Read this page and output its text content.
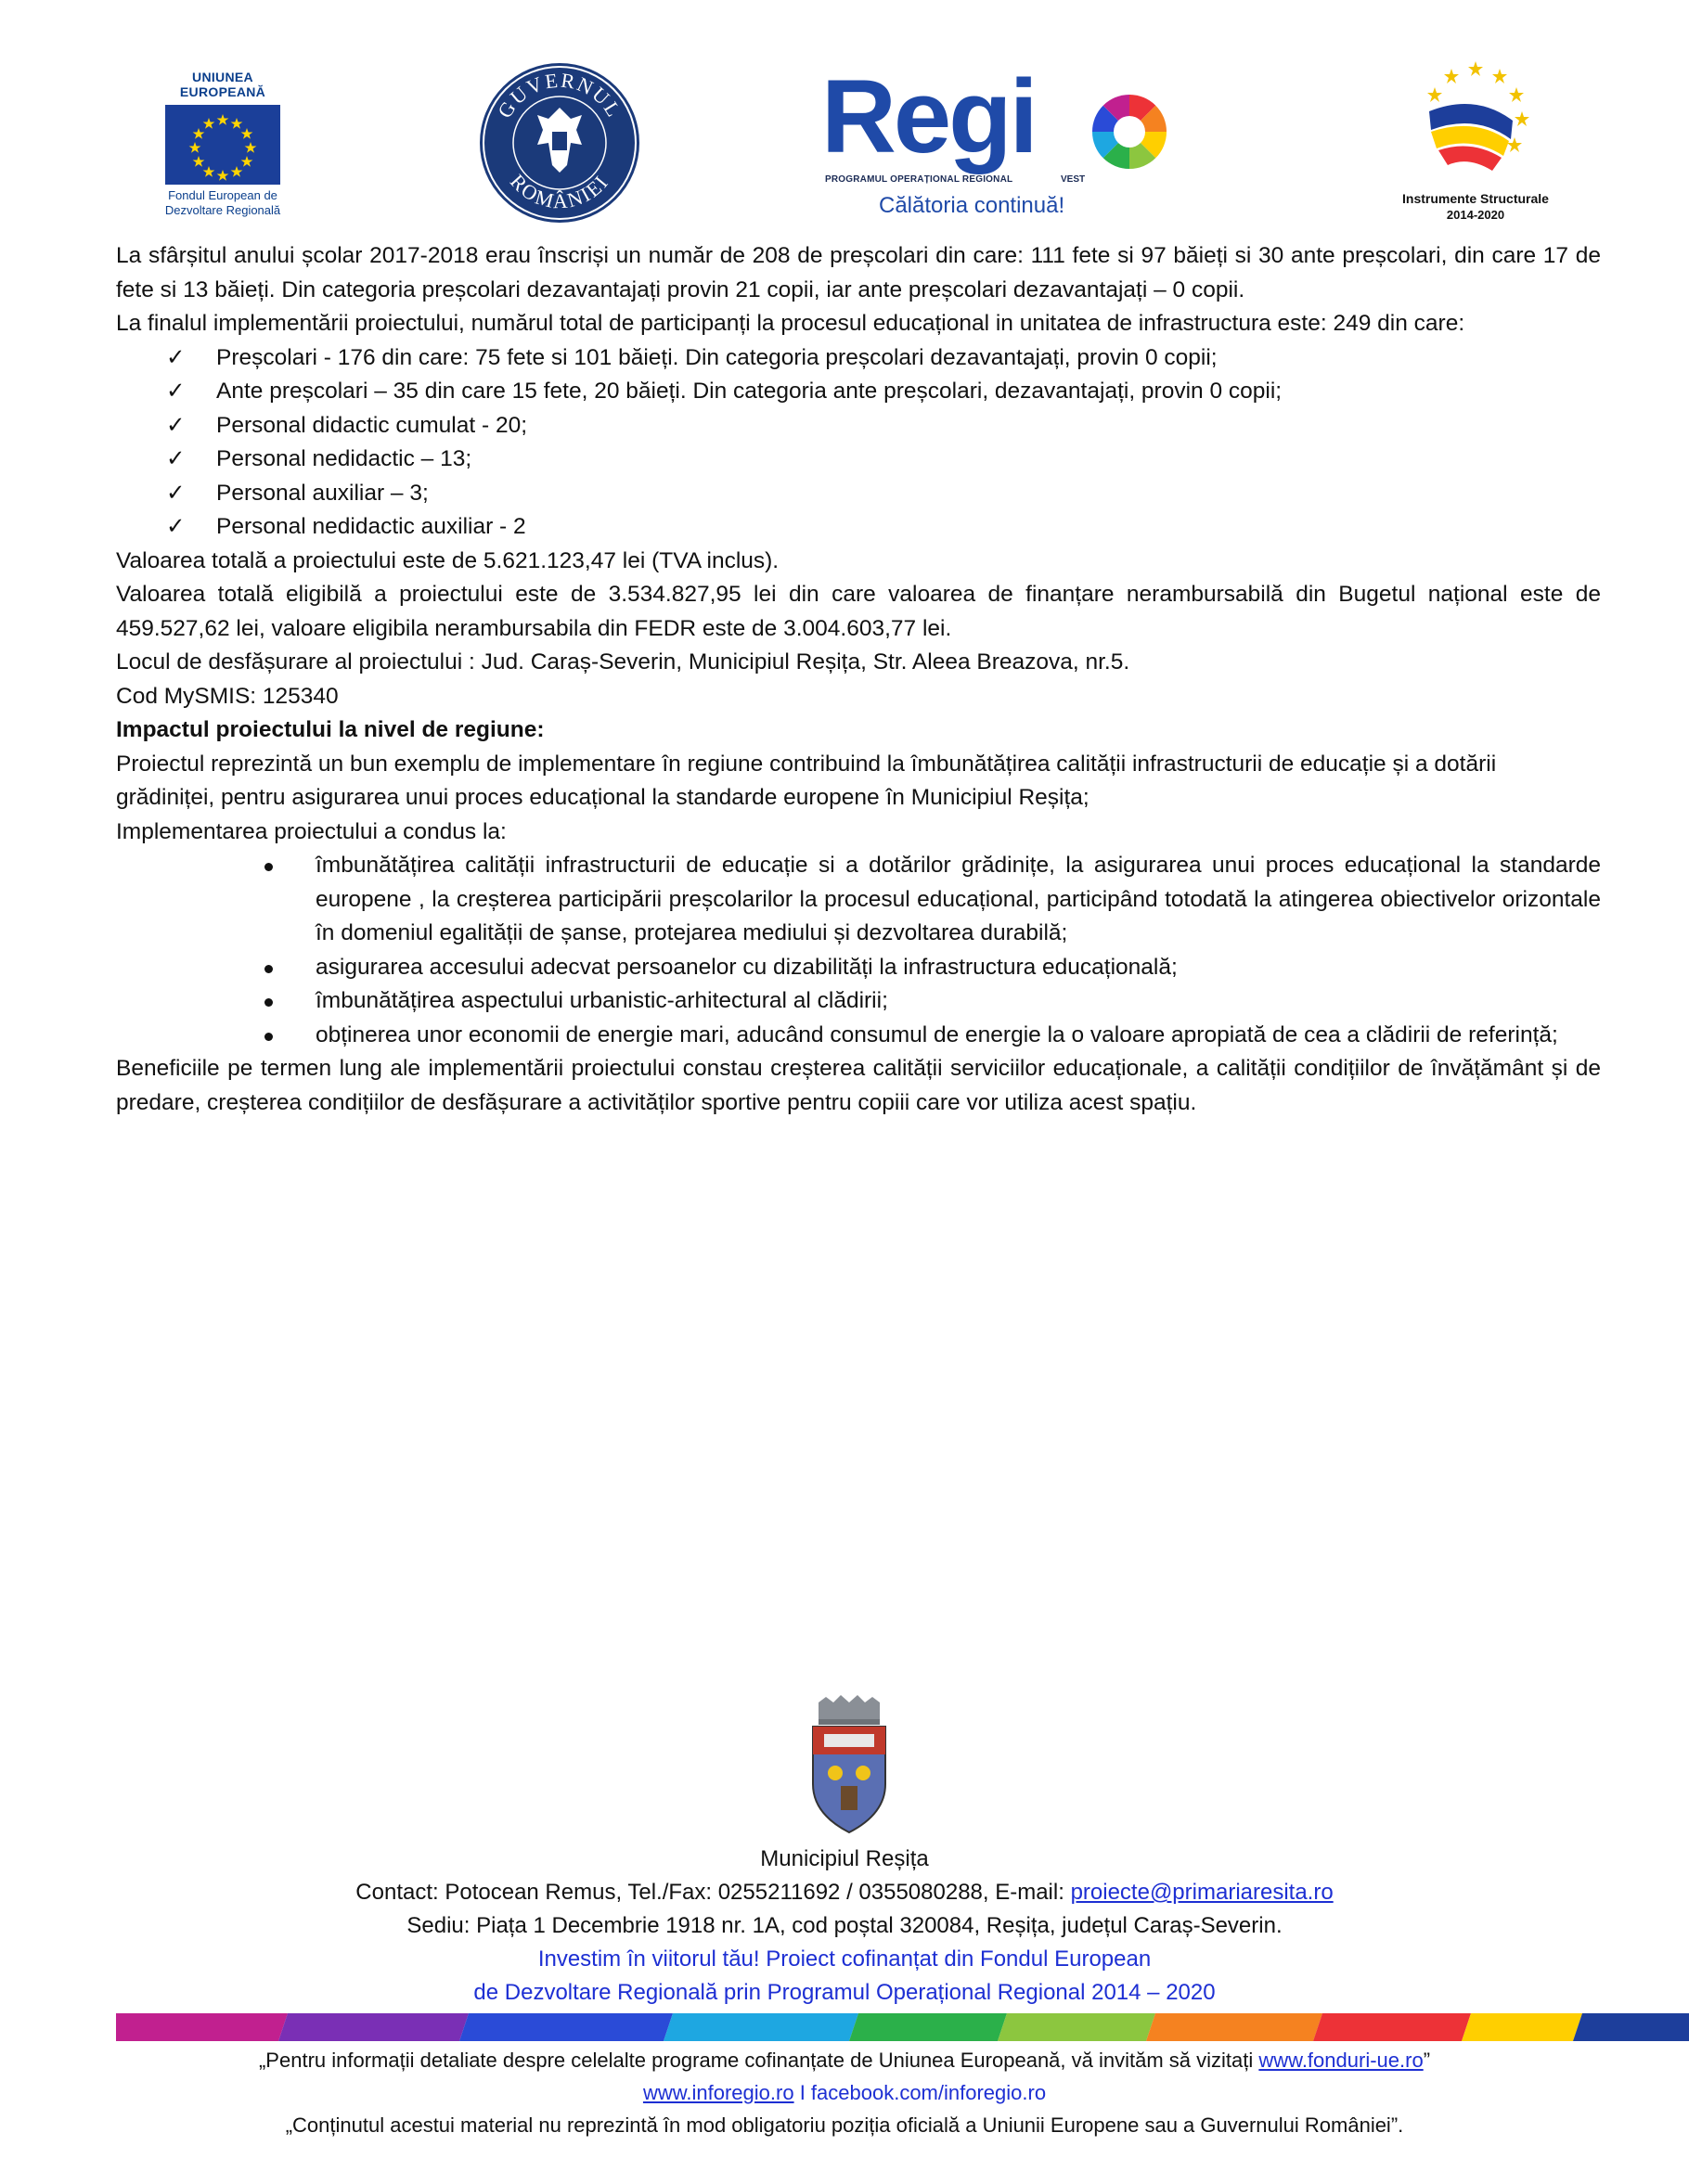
UNIUNEA EUROPEANĂ
Fondul European de
Dezvoltare Regională
GUVERNUL
ROMÂNIEI
Regi
PROGRAMUL OPERAȚIONAL REGIONAL	VEST
Călătoria continuă!	Instrumente Structurale
2014-2020

La sfârșitul anului școlar 2017-2018 erau înscriși un număr de 208 de preșcolari din care: 111 fete si 97 băieți si 30 ante preșcolari, din care 17 de fete si 13 băieți. Din categoria preșcolari dezavantajați provin 21 copii, iar ante preșcolari dezavantajați – 0 copii.

La finalul implementării proiectului, numărul total de participanți la procesul educațional in unitatea de infrastructura este: 249 din care:

✓ Preșcolari - 176 din care: 75 fete si 101 băieți. Din categoria preșcolari dezavantajați, provin 0 copii;
✓ Ante preșcolari – 35 din care 15 fete, 20 băieți. Din categoria ante preșcolari, dezavantajați, provin 0 copii;
✓ Personal didactic cumulat - 20;
✓ Personal nedidactic – 13;
✓ Personal auxiliar – 3;
✓ Personal nedidactic auxiliar - 2

Valoarea totală a proiectului este de 5.621.123,47 lei (TVA inclus).

Valoarea totală eligibilă a proiectului este de 3.534.827,95 lei din care valoarea de finanțare nerambursabilă din Bugetul național este de 459.527,62 lei, valoare eligibila nerambursabila din FEDR este de 3.004.603,77 lei.

Locul de desfășurare al proiectului : Jud. Caraș-Severin, Municipiul Reșița, Str. Aleea Breazova, nr.5.

Cod MySMIS: 125340

Impactul proiectului la nivel de regiune:

Proiectul reprezintă un bun exemplu de implementare în regiune contribuind la îmbunătățirea calității infrastructurii de educație și a dotării grădiniței, pentru asigurarea unui proces educațional la standarde europene în Municipiul Reșița;

Implementarea proiectului a condus la:

îmbunătățirea calității infrastructurii de educație si a dotărilor grădinițe, la asigurarea unui proces educațional la standarde europene , la creșterea participării preșcolarilor la procesul educațional, participând totodată la atingerea obiectivelor orizontale în domeniul egalității de șanse, protejarea mediului și dezvoltarea durabilă;
asigurarea accesului adecvat persoanelor cu dizabilități la infrastructura educațională;
îmbunătățirea aspectului urbanistic-arhitectural al clădirii;
obținerea unor economii de energie mari, aducând consumul de energie la o valoare apropiată de cea a clădirii de referință;

Beneficiile pe termen lung ale implementării proiectului constau creșterea calității serviciilor educaționale, a calității condițiilor de învățământ și de predare, creșterea condițiilor de desfășurare a activităților sportive pentru copiii care vor utiliza acest spațiu.

Municipiul Reșița
Contact: Potocean Remus, Tel./Fax: 0255211692 / 0355080288, E-mail: proiecte@primariaresita.ro
Sediu: Piața 1 Decembrie 1918 nr. 1A, cod poștal 320084, Reșița, județul Caraș-Severin.
Investim în viitorul tău! Proiect cofinanțat din Fondul European
de Dezvoltare Regională prin Programul Operațional Regional 2014 – 2020
„Pentru informații detaliate despre celelalte programe cofinanțate de Uniunea Europeană, vă invităm să vizitați www.fonduri-ue.ro”
www.inforegio.ro I facebook.com/inforegio.ro
„Conținutul acestui material nu reprezintă în mod obligatoriu poziția oficială a Uniunii Europene sau a Guvernului României”.
